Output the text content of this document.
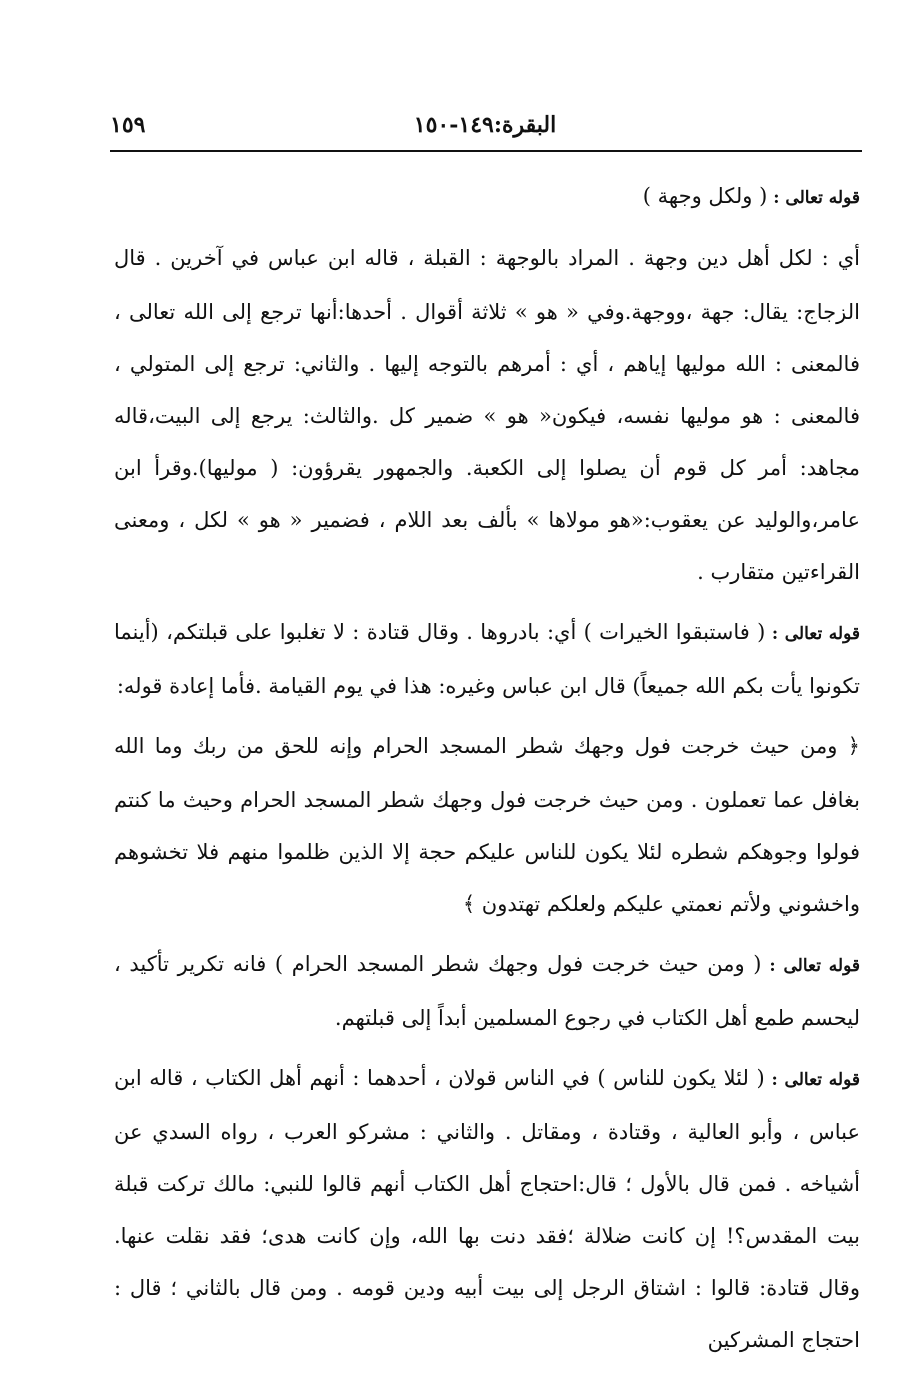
البقرة:١٤٩-١٥٠
١٥٩

قوله تعالى : ( ولكل وجهة )

أي : لكل أهل دين وجهة . المراد بالوجهة : القبلة ، قاله ابن عباس في آخرين . قال الزجاج: يقال: جهة ،ووجهة.وفي « هو » ثلاثة أقوال . أحدها:أنها ترجع إلى الله تعالى ، فالمعنى : الله موليها إياهم ، أي : أمرهم بالتوجه إليها . والثاني: ترجع إلى المتولي ، فالمعنى : هو موليها نفسه، فيكون« هو » ضمير كل .والثالث: يرجع إلى البيت،قاله مجاهد: أمر كل قوم أن يصلوا إلى الكعبة. والجمهور يقرؤون: ( موليها).وقرأ ابن عامر،والوليد عن يعقوب:«هو مولاها » بألف بعد اللام ، فضمير « هو » لكل ، ومعنى القراءتين متقارب .

قوله تعالى : ( فاستبقوا الخيرات ) أي: بادروها . وقال قتادة : لا تغلبوا على قبلتكم، (أينما تكونوا يأت بكم الله جميعاً) قال ابن عباس وغيره: هذا في يوم القيامة .فأما إعادة قوله:

﴿ ومن حيث خرجت فول وجهك شطر المسجد الحرام وإنه للحق من ربك وما الله بغافل عما تعملون . ومن حيث خرجت فول وجهك شطر المسجد الحرام وحيث ما كنتم فولوا وجوهكم شطره لئلا يكون للناس عليكم حجة إلا الذين ظلموا منهم فلا تخشوهم واخشوني ولأتم نعمتي عليكم ولعلكم تهتدون ﴾

قوله تعالى : ( ومن حيث خرجت فول وجهك شطر المسجد الحرام ) فانه تكرير تأكيد ، ليحسم طمع أهل الكتاب في رجوع المسلمين أبداً إلى قبلتهم.

قوله تعالى : ( لئلا يكون للناس ) في الناس قولان ، أحدهما : أنهم أهل الكتاب ، قاله ابن عباس ، وأبو العالية ، وقتادة ، ومقاتل . والثاني : مشركو العرب ، رواه السدي عن أشياخه . فمن قال بالأول ؛ قال:احتجاج أهل الكتاب أنهم قالوا للنبي: مالك تركت قبلة بيت المقدس؟! إن كانت ضلالة ؛فقد دنت بها الله، وإن كانت هدى؛ فقد نقلت عنها. وقال قتادة: قالوا : اشتاق الرجل إلى بيت أبيه ودين قومه . ومن قال بالثاني ؛ قال : احتجاج المشركين
